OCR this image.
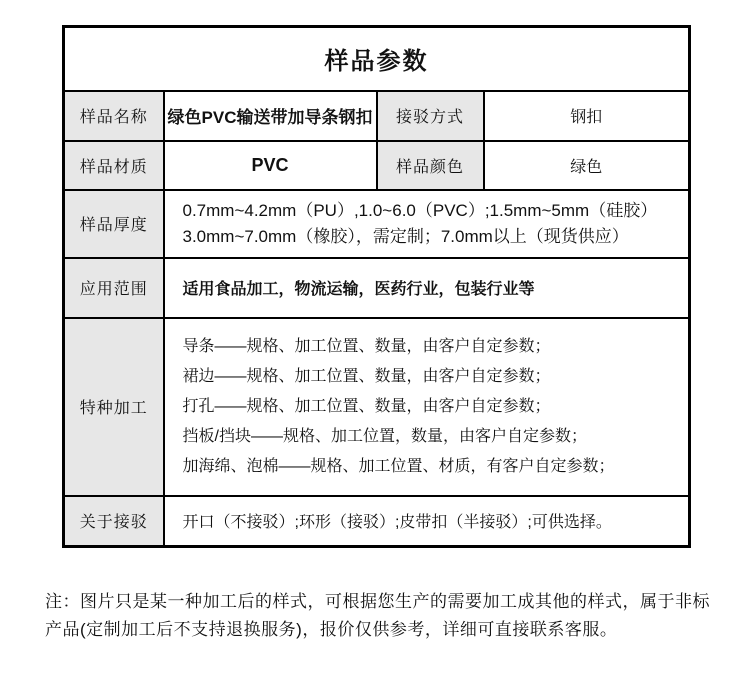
样品参数			
样品名称	绿色PVC输送带加导条钢扣	接驳方式	钢扣
样品材质	PVC	样品颜色	绿色
样品厚度	0.7mm~4.2mm（PU）,1.0~6.0（PVC）;1.5mm~5mm（硅胶）
3.0mm~7.0mm（橡胶），需定制；7.0mm以上（现货供应）		

应用范围	适用食品加工，物流运输，医药行业，包装行业等		
特种加工	导条——规格、加工位置、数量，由客户自定参数；
裙边——规格、加工位置、数量，由客户自定参数；
打孔——规格、加工位置、数量，由客户自定参数；
挡板/挡块——规格、加工位置，数量，由客户自定参数；
加海绵、泡棉——规格、加工位置、材质，有客户自定参数；		

关于接驳	开口（不接驳）;环形（接驳）;皮带扣（半接驳）;可供选择。		
注：图片只是某一种加工后的样式，可根据您生产的需要加工成其他的样式，属于非标
产品(定制加工后不支持退换服务)，报价仅供参考，详细可直接联系客服。
